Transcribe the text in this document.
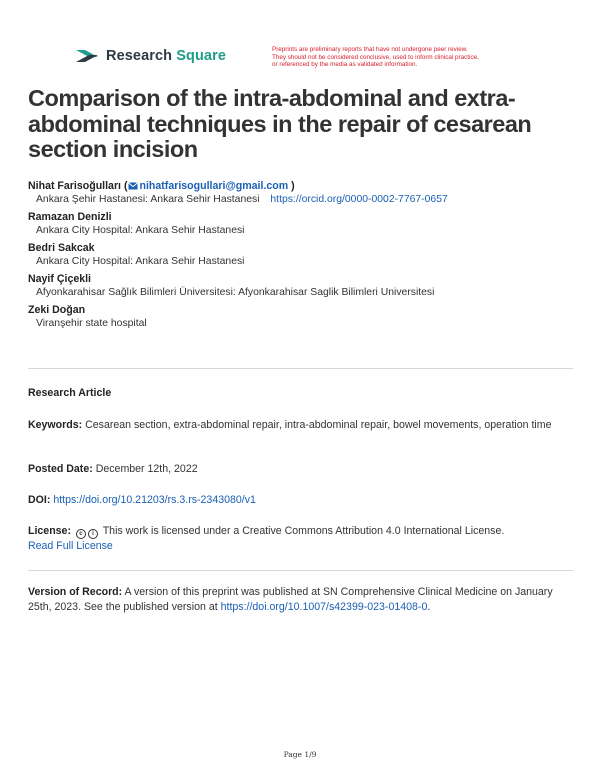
Research Square	Preprints are preliminary reports that have not undergone peer review.
They should not be considered conclusive, used to inform clinical practice,
or referenced by the media as validated information.
Comparison of the intra-abdominal and extra-abdominal techniques in the repair of cesarean section incision
Nihat Farisoğulları ( nihatfarisogullari@gmail.com )
Ankara Şehir Hastanesi: Ankara Sehir Hastanesi https://orcid.org/0000-0002-7767-0657
Ramazan Denizli
Ankara City Hospital: Ankara Sehir Hastanesi
Bedri Sakcak
Ankara City Hospital: Ankara Sehir Hastanesi
Nayif Çiçekli
Afyonkarahisar Sağlık Bilimleri Üniversitesi: Afyonkarahisar Saglik Bilimleri Universitesi
Zeki Doğan
Viranşehir state hospital
Research Article
Keywords: Cesarean section, extra-abdominal repair, intra-abdominal repair, bowel movements, operation time
Posted Date: December 12th, 2022
DOI: https://doi.org/10.21203/rs.3.rs-2343080/v1
License:	c	i This work is licensed under a Creative Commons Attribution 4.0 International License.
Read Full License
Version of Record: A version of this preprint was published at SN Comprehensive Clinical Medicine on January 25th, 2023. See the published version at https://doi.org/10.1007/s42399-023-01408-0.
Page 1/9
